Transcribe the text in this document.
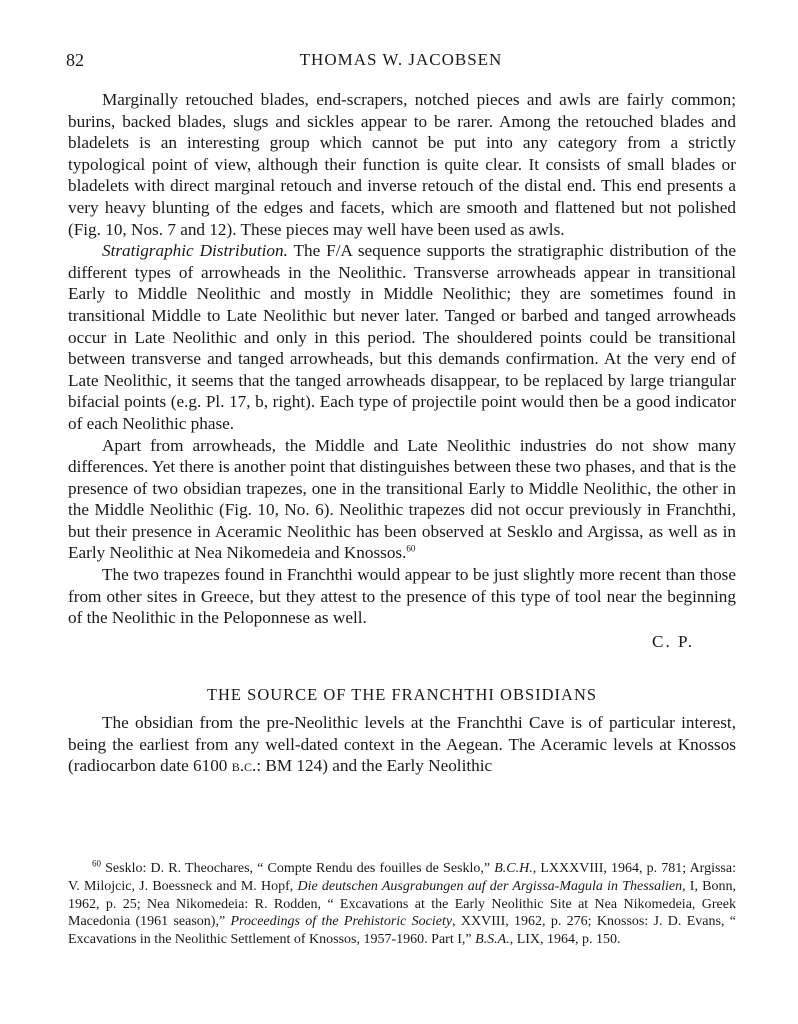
82	THOMAS W. JACOBSEN

Marginally retouched blades, end-scrapers, notched pieces and awls are fairly common; burins, backed blades, slugs and sickles appear to be rarer. Among the retouched blades and bladelets is an interesting group which cannot be put into any category from a strictly typological point of view, although their function is quite clear. It consists of small blades or bladelets with direct marginal retouch and inverse retouch of the distal end. This end presents a very heavy blunting of the edges and facets, which are smooth and flattened but not polished (Fig. 10, Nos. 7 and 12). These pieces may well have been used as awls.

Stratigraphic Distribution. The F/A sequence supports the stratigraphic distribution of the different types of arrowheads in the Neolithic. Transverse arrowheads appear in transitional Early to Middle Neolithic and mostly in Middle Neolithic; they are sometimes found in transitional Middle to Late Neolithic but never later. Tanged or barbed and tanged arrowheads occur in Late Neolithic and only in this period. The shouldered points could be transitional between transverse and tanged arrowheads, but this demands confirmation. At the very end of Late Neolithic, it seems that the tanged arrowheads disappear, to be replaced by large triangular bifacial points (e.g. Pl. 17, b, right). Each type of projectile point would then be a good indicator of each Neolithic phase.

Apart from arrowheads, the Middle and Late Neolithic industries do not show many differences. Yet there is another point that distinguishes between these two phases, and that is the presence of two obsidian trapezes, one in the transitional Early to Middle Neolithic, the other in the Middle Neolithic (Fig. 10, No. 6). Neolithic trapezes did not occur previously in Franchthi, but their presence in Aceramic Neolithic has been observed at Sesklo and Argissa, as well as in Early Neolithic at Nea Nikomedeia and Knossos.$^{60}$

The two trapezes found in Franchthi would appear to be just slightly more recent than those from other sites in Greece, but they attest to the presence of this type of tool near the beginning of the Neolithic in the Peloponnese as well.

C. P.
THE SOURCE OF THE FRANCHTHI OBSIDIANS

The obsidian from the pre-Neolithic levels at the Franchthi Cave is of particular interest, being the earliest from any well-dated context in the Aegean. The Aceramic levels at Knossos (radiocarbon date 6100 b.c.: BM 124) and the Early Neolithic

$^{60}$ Sesklo: D. R. Theochares, “ Compte Rendu des fouilles de Sesklo,” B.C.H., LXXXVIII, 1964, p. 781; Argissa: V. Milojcic, J. Boessneck and M. Hopf, Die deutschen Ausgrabungen auf der Argissa-Magula in Thessalien, I, Bonn, 1962, p. 25; Nea Nikomedeia: R. Rodden, “ Excavations at the Early Neolithic Site at Nea Nikomedeia, Greek Macedonia (1961 season),” Proceedings of the Prehistoric Society, XXVIII, 1962, p. 276; Knossos: J. D. Evans, “ Excavations in the Neolithic Settlement of Knossos, 1957-1960. Part I,” B.S.A., LIX, 1964, p. 150.
